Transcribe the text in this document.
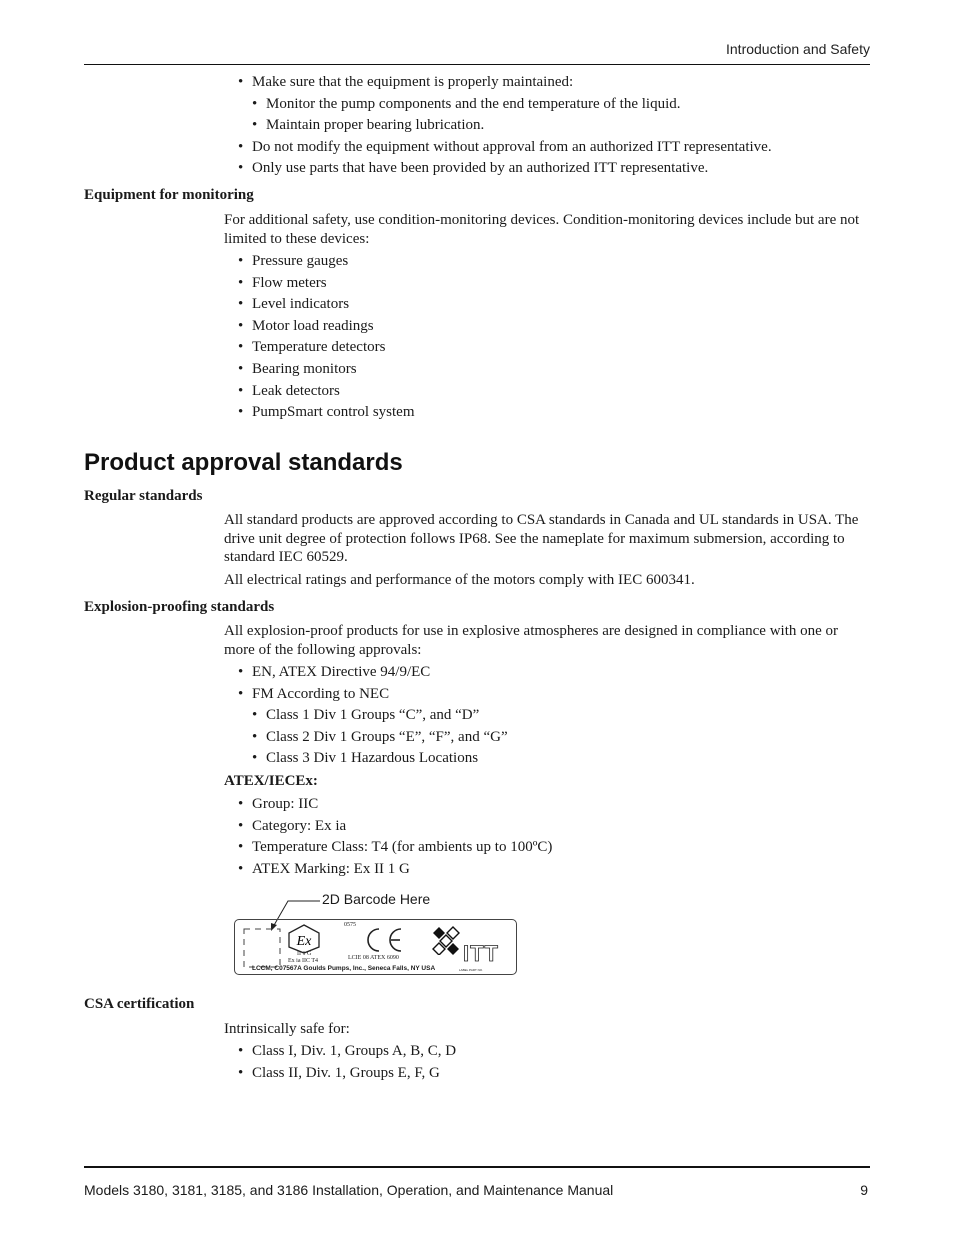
Introduction and Safety
• Make sure that the equipment is properly maintained:
• Monitor the pump components and the end temperature of the liquid.
• Maintain proper bearing lubrication.
• Do not modify the equipment without approval from an authorized ITT representative.
• Only use parts that have been provided by an authorized ITT representative.
Equipment for monitoring

For additional safety, use condition-monitoring devices. Condition-monitoring devices include but are not limited to these devices:

• Pressure gauges
• Flow meters
• Level indicators
• Motor load readings
• Temperature detectors
• Bearing monitors
• Leak detectors
• PumpSmart control system
Product approval standards
Regular standards

All standard products are approved according to CSA standards in Canada and UL standards in USA. The drive unit degree of protection follows IP68. See the nameplate for maximum submersion, according to standard IEC 60529.

All electrical ratings and performance of the motors comply with IEC 600341.

Explosion-proofing standards

All explosion-proof products for use in explosive atmospheres are designed in compliance with one or more of the following approvals:

• EN, ATEX Directive 94/9/EC
• FM According to NEC
• Class 1 Div 1 Groups “C”, and “D”
• Class 2 Div 1 Groups “E”, “F”, and “G”
• Class 3 Div 1 Hazardous Locations
ATEX/IECEx:
• Group: IIC
• Category: Ex ia
• Temperature Class: T4 (for ambients up to 100ºC)
• ATEX Marking: Ex II 1 G
2D Barcode Here
Ex
II 1 G
Ex ia IIC T4
0575
LCIE 08 ATEX 6090	ITT
LCCM, C07567A Goulds Pumps, Inc., Seneca Falls, NY USA	LABEL PART NO.
CSA certification

Intrinsically safe for:

• Class I, Div. 1, Groups A, B, C, D
• Class II, Div. 1, Groups E, F, G
Models 3180, 3181, 3185, and 3186 Installation, Operation, and Maintenance Manual	9
